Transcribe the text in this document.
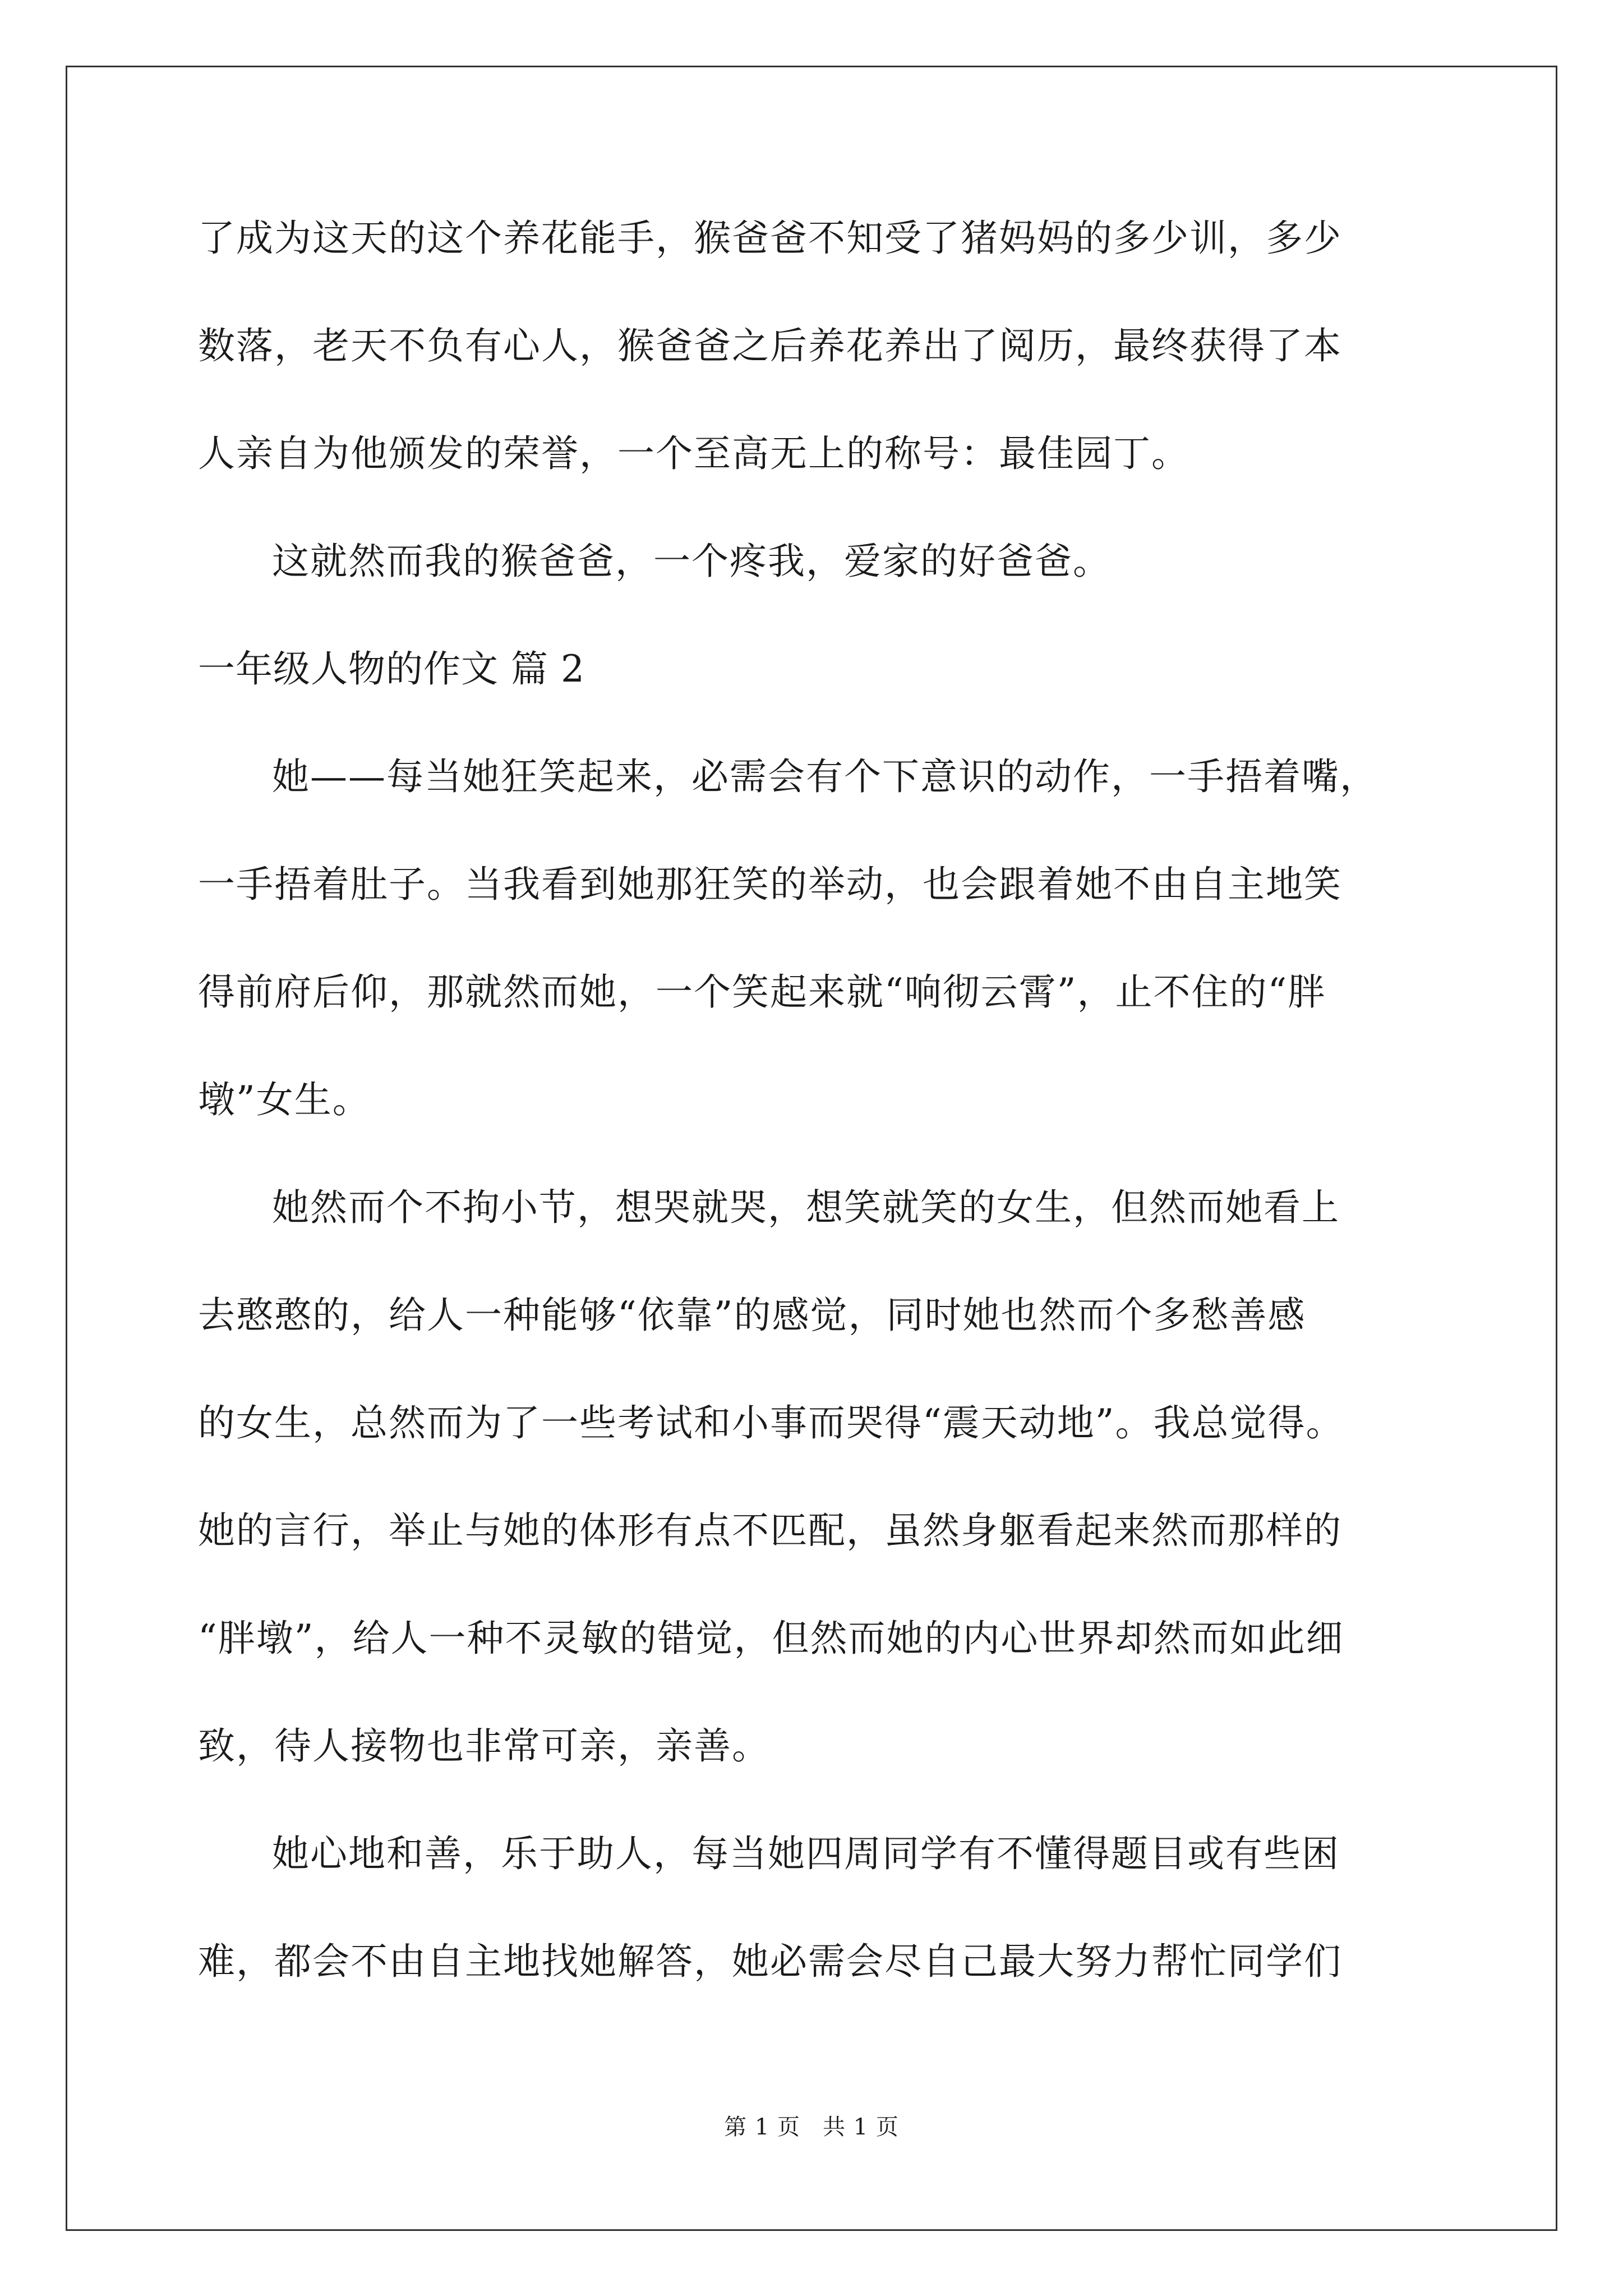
了成为这天的这个养花能手，猴爸爸不知受了猪妈妈的多少训，多少
数落，老天不负有心人，猴爸爸之后养花养出了阅历，最终获得了本
人亲自为他颁发的荣誉，一个至高无上的称号：最佳园丁。
这就然而我的猴爸爸，一个疼我，爱家的好爸爸。
一年级人物的作文 篇 2
她——每当她狂笑起来，必需会有个下意识的动作，一手捂着嘴，
一手捂着肚子。当我看到她那狂笑的举动，也会跟着她不由自主地笑
得前府后仰，那就然而她，一个笑起来就“响彻云霄”，止不住的“胖
墩”女生。
她然而个不拘小节，想哭就哭，想笑就笑的女生，但然而她看上
去憨憨的，给人一种能够“依靠”的感觉，同时她也然而个多愁善感
的女生，总然而为了一些考试和小事而哭得“震天动地”。我总觉得。
她的言行，举止与她的体形有点不匹配，虽然身躯看起来然而那样的
“胖墩”，给人一种不灵敏的错觉，但然而她的内心世界却然而如此细
致，待人接物也非常可亲，亲善。
她心地和善，乐于助人，每当她四周同学有不懂得题目或有些困
难，都会不由自主地找她解答，她必需会尽自己最大努力帮忙同学们
第 1 页 共 1 页
